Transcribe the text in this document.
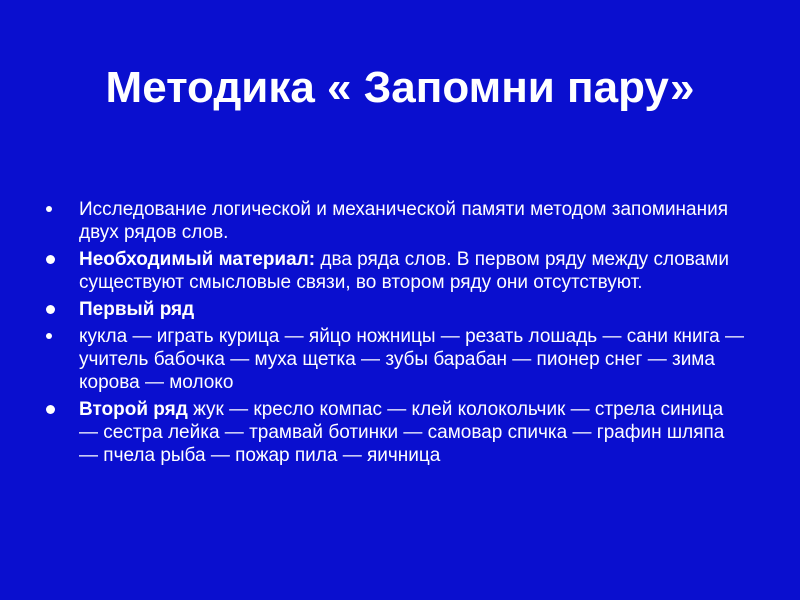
Методика « Запомни пару»
Исследование логической и механической памяти методом запоминания двух рядов слов.
Необходимый материал: два ряда слов. В первом ряду между словами существуют смысловые связи, во втором ряду они отсутствуют.
Первый ряд
кукла — играть курица — яйцо ножницы — резать лошадь — сани книга — учитель бабочка — муха щетка — зубы барабан — пионер снег — зима корова — молоко
Второй ряд жук — кресло компас — клей колокольчик — стрела синица — сестра лейка — трамвай ботинки — самовар спичка — графин шляпа — пчела рыба — пожар пила — яичница
